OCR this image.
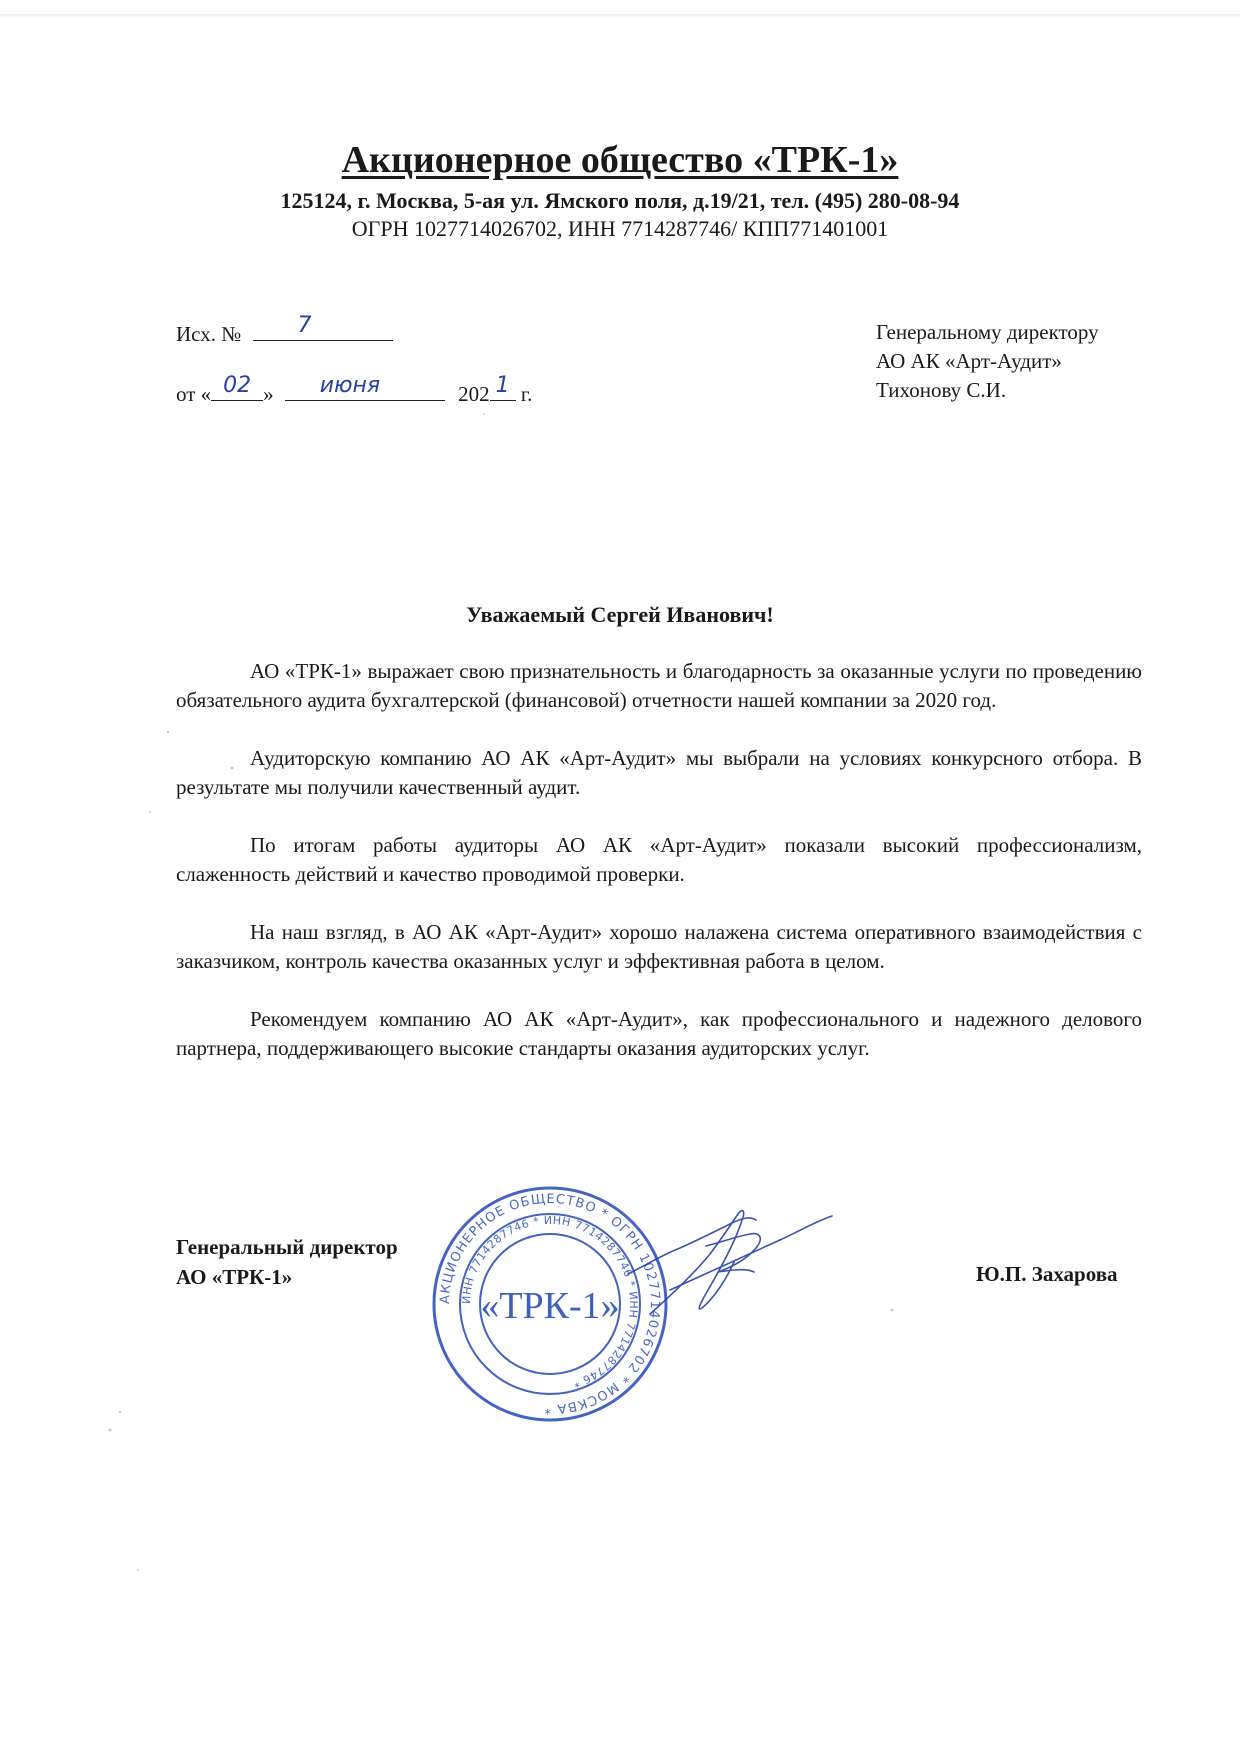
Акционерное общество «ТРК-1»
125124, г. Москва, 5-ая ул. Ямского поля, д.19/21, тел. (495) 280-08-94
ОГРН 1027714026702, ИНН 7714287746/ КПП771401001
Исх. №	7
от « 02 »	июня	202 1 г.
Генеральному директору
АО АК «Арт-Аудит»
Тихонову С.И.
Уважаемый Сергей Иванович!

АО «ТРК-1» выражает свою признательность и благодарность за оказанные услуги по проведению обязательного аудита бухгалтерской (финансовой) отчетности нашей компании за 2020 год.

Аудиторскую компанию АО АК «Арт-Аудит» мы выбрали на условиях конкурсного отбора. В результате мы получили качественный аудит.

По итогам работы аудиторы АО АК «Арт-Аудит» показали высокий профессионализм, слаженность действий и качество проводимой проверки.

На наш взгляд, в АО АК «Арт-Аудит» хорошо налажена система оперативного взаимодействия с заказчиком, контроль качества оказанных услуг и эффективная работа в целом.

Рекомендуем компанию АО АК «Арт-Аудит», как профессионального и надежного делового партнера, поддерживающего высокие стандарты оказания аудиторских услуг.

Генеральный директор
АО «ТРК-1»	Ю.П. Захарова
АКЦИОНЕРНОЕ ОБЩЕСТВО * ОГРН 1027714026702 * МОСКВА *
ИНН 7714287746 * ИНН 7714287746 * ИНН 7714287746 *
«ТРК-1»
